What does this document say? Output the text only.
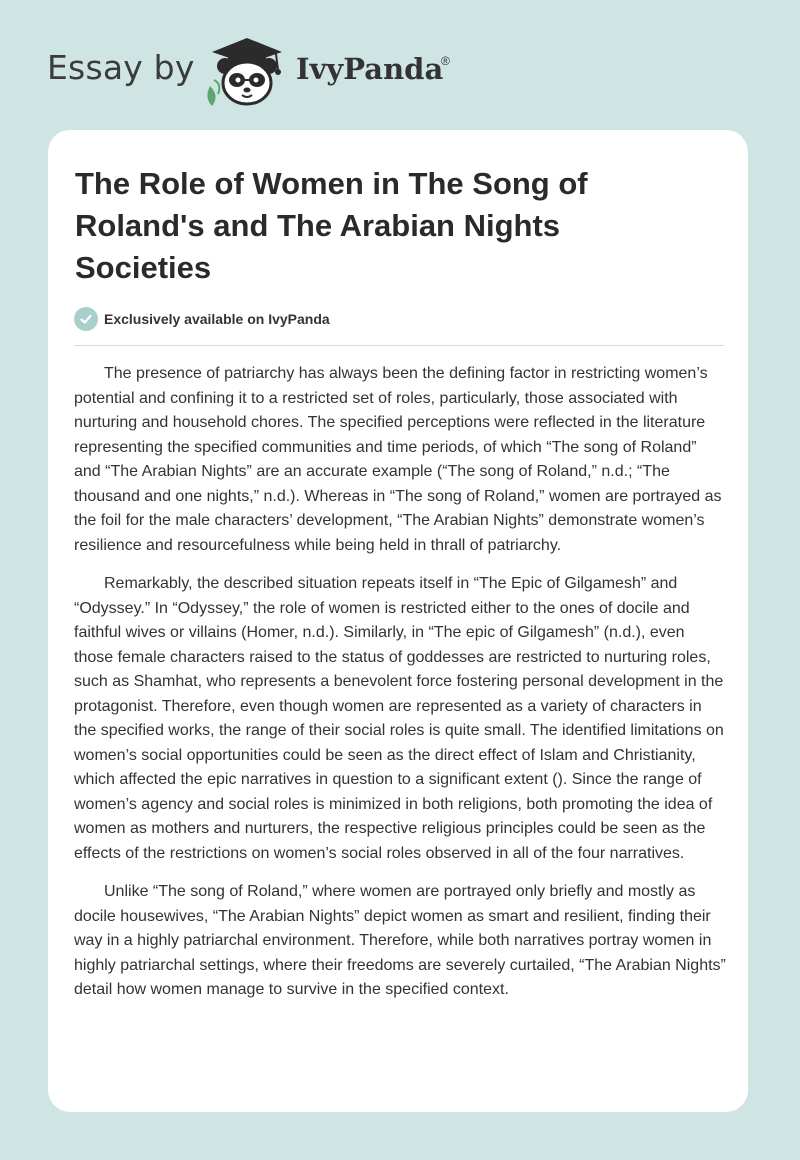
Essay by	IvyPanda
®
The Role of Women in The Song of Roland's and The Arabian Nights Societies
Exclusively available on IvyPanda

The presence of patriarchy has always been the defining factor in restricting women’s potential and confining it to a restricted set of roles, particularly, those associated with nurturing and household chores. The specified perceptions were reflected in the literature representing the specified communities and time periods, of which “The song of Roland” and “The Arabian Nights” are an accurate example (“The song of Roland,” n.d.; “The thousand and one nights,” n.d.). Whereas in “The song of Roland,” women are portrayed as the foil for the male characters’ development, “The Arabian Nights” demonstrate women’s resilience and resourcefulness while being held in thrall of patriarchy.

Remarkably, the described situation repeats itself in “The Epic of Gilgamesh” and “Odyssey.” In “Odyssey,” the role of women is restricted either to the ones of docile and faithful wives or villains (Homer, n.d.). Similarly, in “The epic of Gilgamesh” (n.d.), even those female characters raised to the status of goddesses are restricted to nurturing roles, such as Shamhat, who represents a benevolent force fostering personal development in the protagonist. Therefore, even though women are represented as a variety of characters in the specified works, the range of their social roles is quite small. The identified limitations on women’s social opportunities could be seen as the direct effect of Islam and Christianity, which affected the epic narratives in question to a significant extent (). Since the range of women’s agency and social roles is minimized in both religions, both promoting the idea of women as mothers and nurturers, the respective religious principles could be seen as the effects of the restrictions on women’s social roles observed in all of the four narratives.

Unlike “The song of Roland,” where women are portrayed only briefly and mostly as docile housewives, “The Arabian Nights” depict women as smart and resilient, finding their way in a highly patriarchal environment. Therefore, while both narratives portray women in highly patriarchal settings, where their freedoms are severely curtailed, “The Arabian Nights” detail how women manage to survive in the specified context.
